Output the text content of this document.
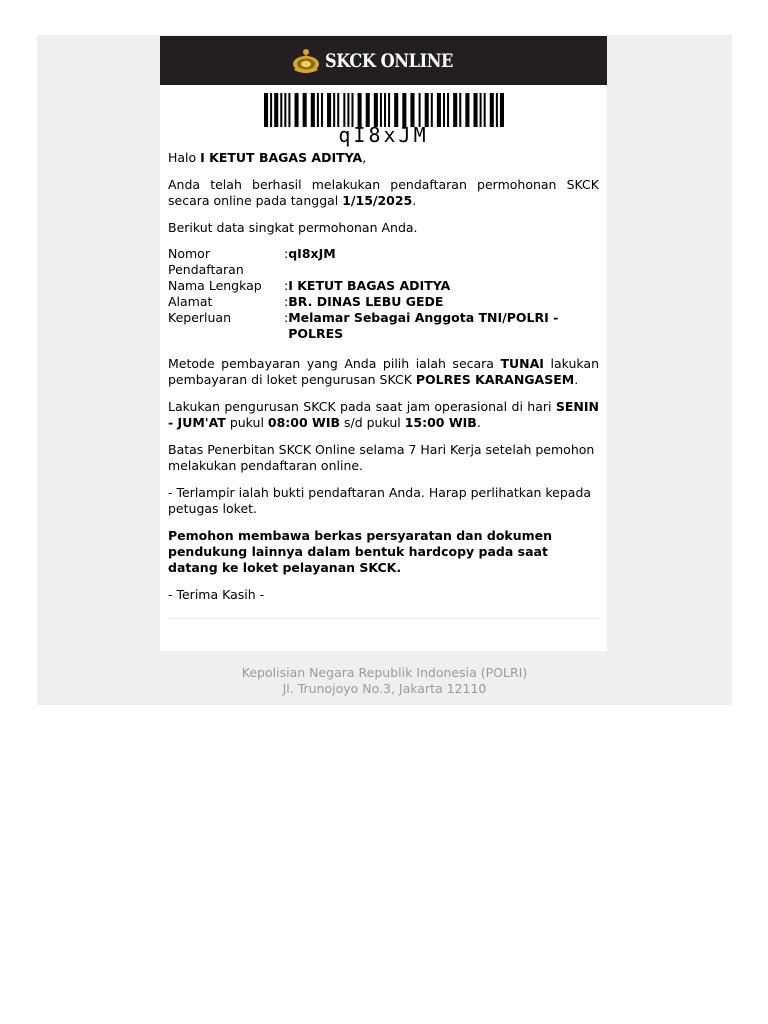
SKCK ONLINE
qI8xJM

Halo I KETUT BAGAS ADITYA,

Anda telah berhasil melakukan pendaftaran permohonan SKCK secara online pada tanggal 1/15/2025.

Berikut data singkat permohonan Anda.

Nomor Pendaftaran	:	qI8xJM
Nama Lengkap	:	I KETUT BAGAS ADITYA
Alamat	:	BR. DINAS LEBU GEDE
Keperluan	:	Melamar Sebagai Anggota TNI/POLRI - POLRES

Metode pembayaran yang Anda pilih ialah secara TUNAI lakukan pembayaran di loket pengurusan SKCK POLRES KARANGASEM.

Lakukan pengurusan SKCK pada saat jam operasional di hari SENIN - JUM'AT pukul 08:00 WIB s/d pukul 15:00 WIB.

Batas Penerbitan SKCK Online selama 7 Hari Kerja setelah pemohon melakukan pendaftaran online.

- Terlampir ialah bukti pendaftaran Anda. Harap perlihatkan kepada petugas loket.

Pemohon membawa berkas persyaratan dan dokumen pendukung lainnya dalam bentuk hardcopy pada saat datang ke loket pelayanan SKCK.

- Terima Kasih -

Kepolisian Negara Republik Indonesia (POLRI)
Jl. Trunojoyo No.3, Jakarta 12110
